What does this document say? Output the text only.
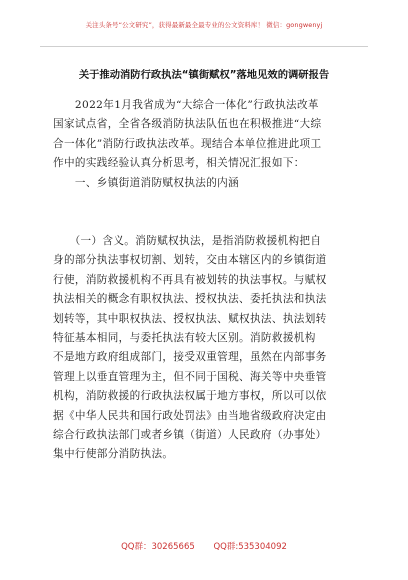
关注头条号“公文研究”，获得最新最全最专业的公文资料库！ 微信：gongwenyj
关于推动消防行政执法“镇街赋权”落地见效的调研报告
　　2022年1月我省成为“大综合一体化”行政执法改革
国家试点省，全省各级消防执法队伍也在积极推进“大综
合一体化”消防行政执法改革。现结合本单位推进此项工
作中的实践经验认真分析思考，相关情况汇报如下：
　　一、乡镇街道消防赋权执法的内涵
　　（一）含义。消防赋权执法，是指消防救援机构把自
身的部分执法事权切割、划转，交由本辖区内的乡镇街道
行使，消防救援机构不再具有被划转的执法事权。与赋权
执法相关的概念有职权执法、授权执法、委托执法和执法
划转等，其中职权执法、授权执法、赋权执法、执法划转
特征基本相同，与委托执法有较大区别。消防救援机构
不是地方政府组成部门，接受双重管理，虽然在内部事务
管理上以垂直管理为主，但不同于国税、海关等中央垂管
机构，消防救援的行政执法权属于地方事权，所以可以依
据《中华人民共和国行政处罚法》由当地省级政府决定由
综合行政执法部门或者乡镇（街道）人民政府（办事处）
集中行使部分消防执法。
QQ群：30265665 QQ群:535304092
